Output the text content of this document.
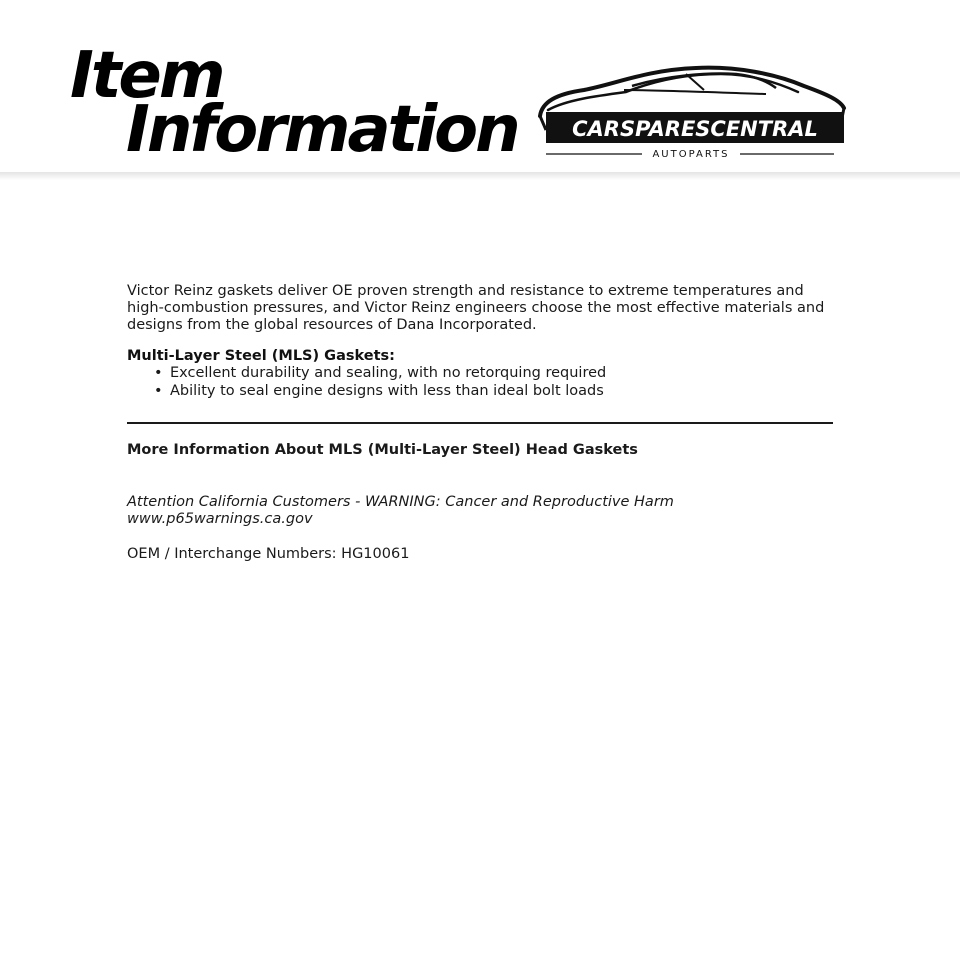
Item
Information	CARSPARESCENTRAL
AUTOPARTS

Victor Reinz gaskets deliver OE proven strength and resistance to extreme temperatures and high-combustion pressures, and Victor Reinz engineers choose the most effective materials and designs from the global resources of Dana Incorporated.

Multi-Layer Steel (MLS) Gaskets:

• Excellent durability and sealing, with no retorquing required
• Ability to seal engine designs with less than ideal bolt loads

More Information About MLS (Multi-Layer Steel) Head Gaskets

Attention California Customers - WARNING: Cancer and Reproductive Harm

www.p65warnings.ca.gov

OEM / Interchange Numbers: HG10061
